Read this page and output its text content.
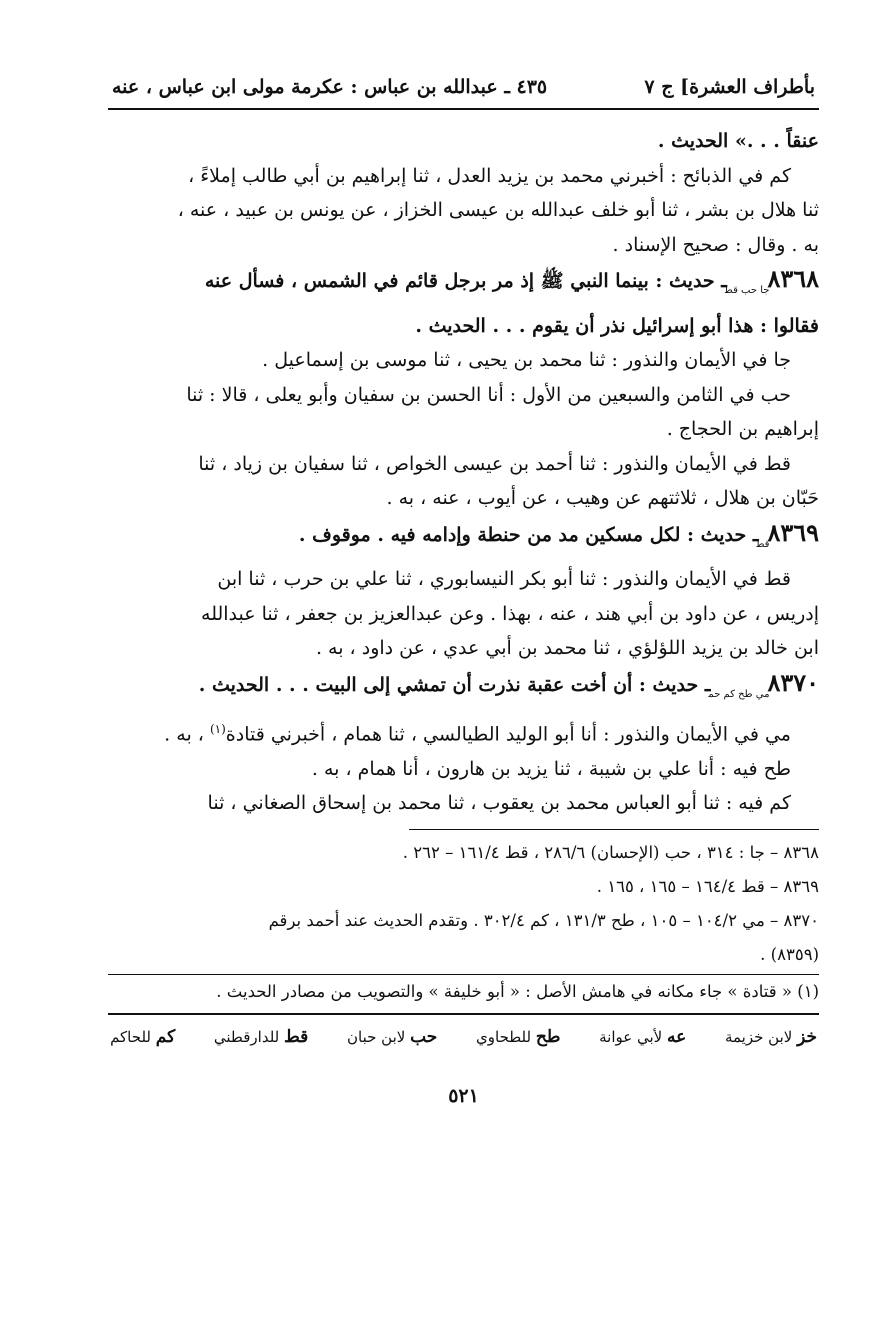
بأطراف العشرة] ج ٧
٤٣٥ ـ عبدالله بن عباس : عكرمة مولى ابن عباس ، عنه

عنقاً . . .» الحديث .

كم في الذبائح : أخبرني محمد بن يزيد العدل ، ثنا إبراهيم بن أبي طالب إملاءً ،

ثنا هلال بن بشر ، ثنا أبو خلف عبدالله بن عيسى الخزاز ، عن يونس بن عبيد ، عنه ،

به . وقال : صحيح الإسناد .

$٨٣٦٨_{جا حب قط}ـ$ حديث : بينما النبي ﷺ إذ مر برجل قائم في الشمس ، فسأل عنه

فقالوا : هذا أبو إسرائيل نذر أن يقوم . . . الحديث .

جا في الأيمان والنذور : ثنا محمد بن يحيى ، ثنا موسى بن إسماعيل .

حب في الثامن والسبعين من الأول : أنا الحسن بن سفيان وأبو يعلى ، قالا : ثنا

إبراهيم بن الحجاج .

قط في الأيمان والنذور : ثنا أحمد بن عيسى الخواص ، ثنا سفيان بن زياد ، ثنا

حَبّان بن هلال ، ثلاثتهم عن وهيب ، عن أيوب ، عنه ، به .

$٨٣٦٩_{قط}ـ$ حديث : لكل مسكين مد من حنطة وإدامه فيه . موقوف .

قط في الأيمان والنذور : ثنا أبو بكر النيسابوري ، ثنا علي بن حرب ، ثنا ابن

إدريس ، عن داود بن أبي هند ، عنه ، بهذا . وعن عبدالعزيز بن جعفر ، ثنا عبدالله

ابن خالد بن يزيد اللؤلؤي ، ثنا محمد بن أبي عدي ، عن داود ، به .

$٨٣٧٠_{مي طح كم حم}ـ$ حديث : أن أخت عقبة نذرت أن تمشي إلى البيت . . . الحديث .

مي في الأيمان والنذور : أنا أبو الوليد الطيالسي ، ثنا همام ، أخبرني قتادة$^{(١)}$ ، به .

طح فيه : أنا علي بن شيبة ، ثنا يزيد بن هارون ، أنا همام ، به .

كم فيه : ثنا أبو العباس محمد بن يعقوب ، ثنا محمد بن إسحاق الصغاني ، ثنا

٨٣٦٨ – جا : ٣١٤ ، حب (الإحسان) ٢٨٦/٦ ، قط ١٦١/٤ – ٢٦٢ .

٨٣٦٩ – قط ١٦٤/٤ – ١٦٥ ، ١٦٥ .

٨٣٧٠ – مي ١٠٤/٢ – ١٠٥ ، طح ١٣١/٣ ، كم ٣٠٢/٤ . وتقدم الحديث عند أحمد برقم

(٨٣٥٩) .

(١) « قتادة » جاء مكانه في هامش الأصل : « أبو خليفة » والتصويب من مصادر الحديث .
خز لابن خزيمة
عه لأبي عوانة
طح للطحاوي
حب لابن حبان
قط للدارقطني
كم للحاكم
٥٢١
